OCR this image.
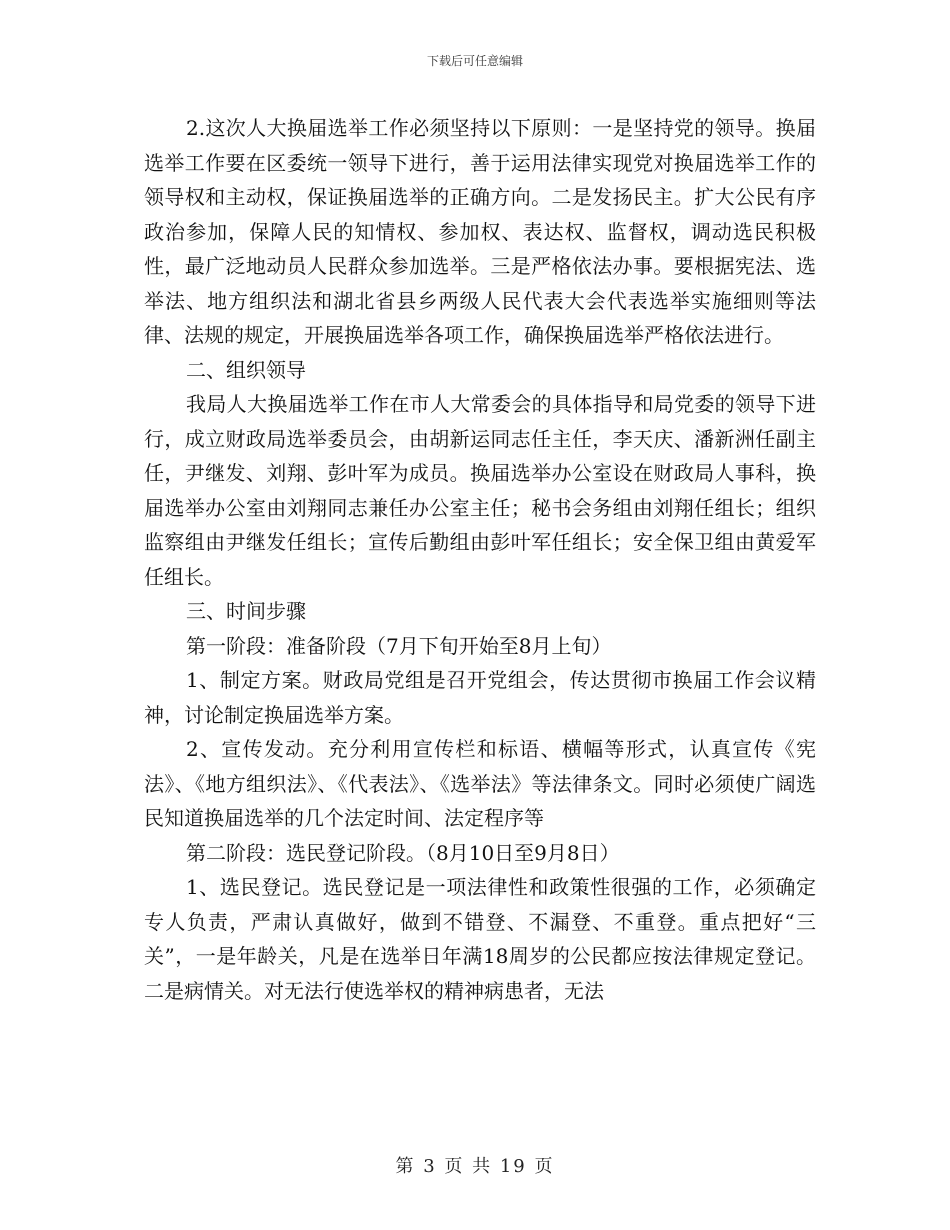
下载后可任意编辑

2.这次人大换届选举工作必须坚持以下原则：一是坚持党的领导。换届选举工作要在区委统一领导下进行，善于运用法律实现党对换届选举工作的领导权和主动权，保证换届选举的正确方向。二是发扬民主。扩大公民有序政治参加，保障人民的知情权、参加权、表达权、监督权，调动选民积极性，最广泛地动员人民群众参加选举。三是严格依法办事。要根据宪法、选举法、地方组织法和湖北省县乡两级人民代表大会代表选举实施细则等法律、法规的规定，开展换届选举各项工作，确保换届选举严格依法进行。

二、组织领导

我局人大换届选举工作在市人大常委会的具体指导和局党委的领导下进行，成立财政局选举委员会，由胡新运同志任主任，李天庆、潘新洲任副主任，尹继发、刘翔、彭叶军为成员。换届选举办公室设在财政局人事科，换届选举办公室由刘翔同志兼任办公室主任；秘书会务组由刘翔任组长；组织监察组由尹继发任组长；宣传后勤组由彭叶军任组长；安全保卫组由黄爱军任组长。

三、时间步骤

第一阶段：准备阶段（7月下旬开始至8月上旬）

1、制定方案。财政局党组是召开党组会，传达贯彻市换届工作会议精神，讨论制定换届选举方案。

2、宣传发动。充分利用宣传栏和标语、横幅等形式，认真宣传《宪法》、《地方组织法》、《代表法》、《选举法》等法律条文。同时必须使广阔选民知道换届选举的几个法定时间、法定程序等

第二阶段：选民登记阶段。（8月10日至9月8日）

1、选民登记。选民登记是一项法律性和政策性很强的工作，必须确定专人负责，严肃认真做好，做到不错登、不漏登、不重登。重点把好“三关”，一是年龄关，凡是在选举日年满18周岁的公民都应按法律规定登记。二是病情关。对无法行使选举权的精神病患者，无法

第 3 页 共 19 页
